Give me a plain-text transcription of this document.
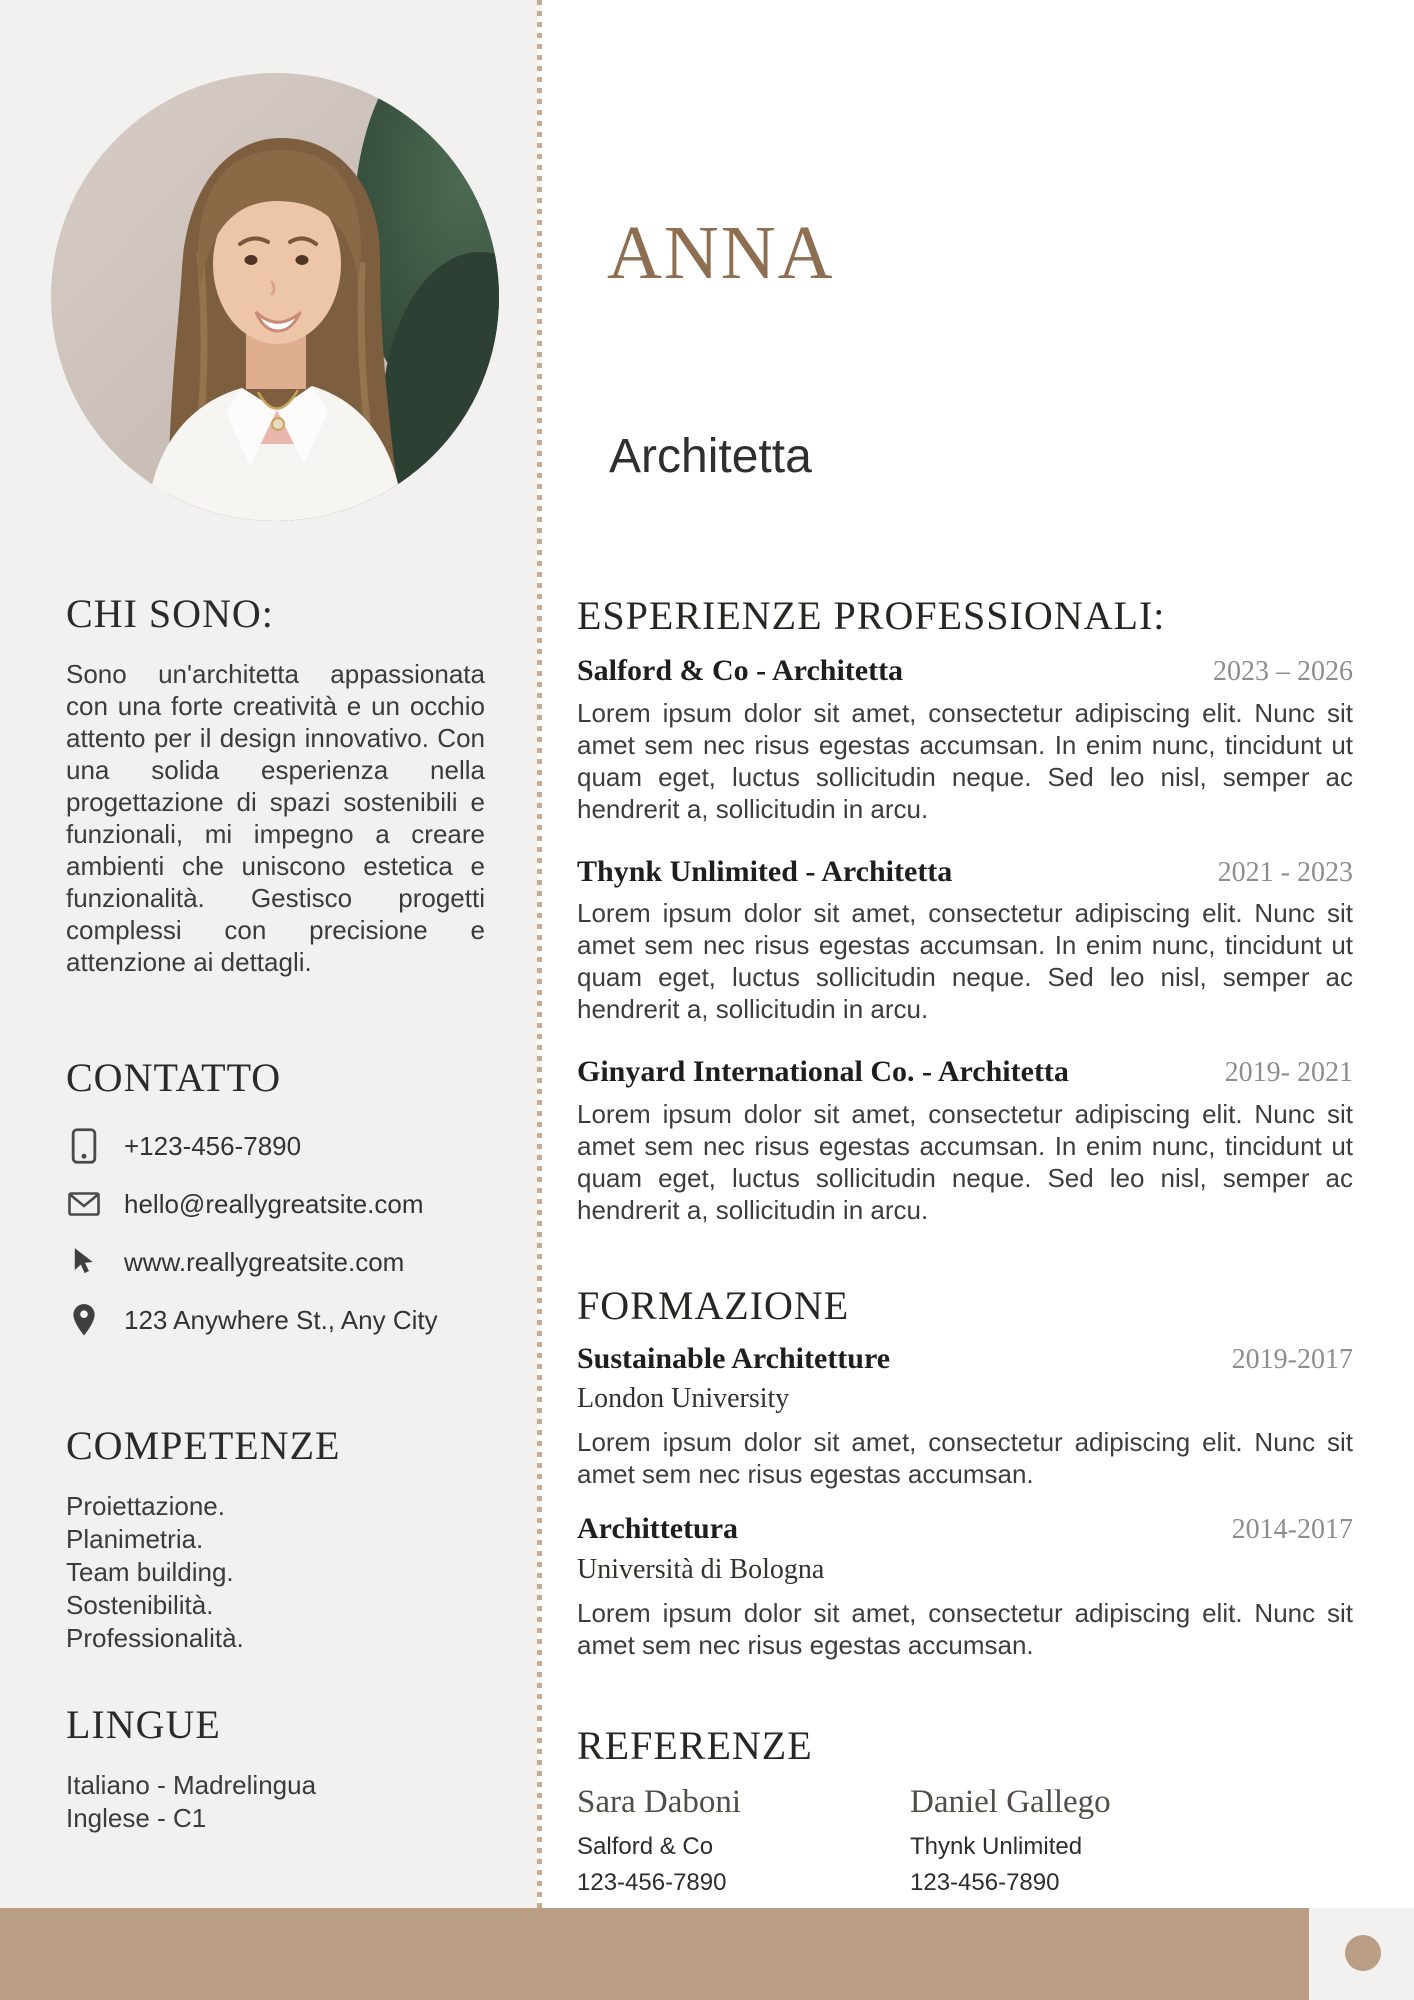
CHI SONO:

Sono un'architetta appassionata con una forte creatività e un occhio attento per il design innovativo. Con una solida esperienza nella progettazione di spazi sostenibili e funzionali, mi impegno a creare ambienti che uniscono estetica e funzionalità. Gestisco progetti complessi con precisione e attenzione ai dettagli.

CONTATTO
+123-456-7890
hello@reallygreatsite.com
www.reallygreatsite.com
123 Anywhere St., Any City
COMPETENZE
Proiettazione.
Planimetria.
Team building.
Sostenibilità.
Professionalità.
LINGUE
Italiano - Madrelingua
Inglese - C1
ANNA
Architetta
ESPERIENZE PROFESSIONALI:
Salford & Co - Architetta	2023 – 2026

Lorem ipsum dolor sit amet, consectetur adipiscing elit. Nunc sit amet sem nec risus egestas accumsan. In enim nunc, tincidunt ut quam eget, luctus sollicitudin neque. Sed leo nisl, semper ac hendrerit a, sollicitudin in arcu.

Thynk Unlimited - Architetta	2021 - 2023

Lorem ipsum dolor sit amet, consectetur adipiscing elit. Nunc sit amet sem nec risus egestas accumsan. In enim nunc, tincidunt ut quam eget, luctus sollicitudin neque. Sed leo nisl, semper ac hendrerit a, sollicitudin in arcu.

Ginyard International Co. - Architetta	2019- 2021

Lorem ipsum dolor sit amet, consectetur adipiscing elit. Nunc sit amet sem nec risus egestas accumsan. In enim nunc, tincidunt ut quam eget, luctus sollicitudin neque. Sed leo nisl, semper ac hendrerit a, sollicitudin in arcu.

FORMAZIONE
Sustainable Architetture	2019-2017
London University

Lorem ipsum dolor sit amet, consectetur adipiscing elit. Nunc sit amet sem nec risus egestas accumsan.

Archittetura	2014-2017
Università di Bologna

Lorem ipsum dolor sit amet, consectetur adipiscing elit. Nunc sit amet sem nec risus egestas accumsan.

REFERENZE
Sara Daboni
Salford & Co
123-456-7890
Daniel Gallego
Thynk Unlimited
123-456-7890
